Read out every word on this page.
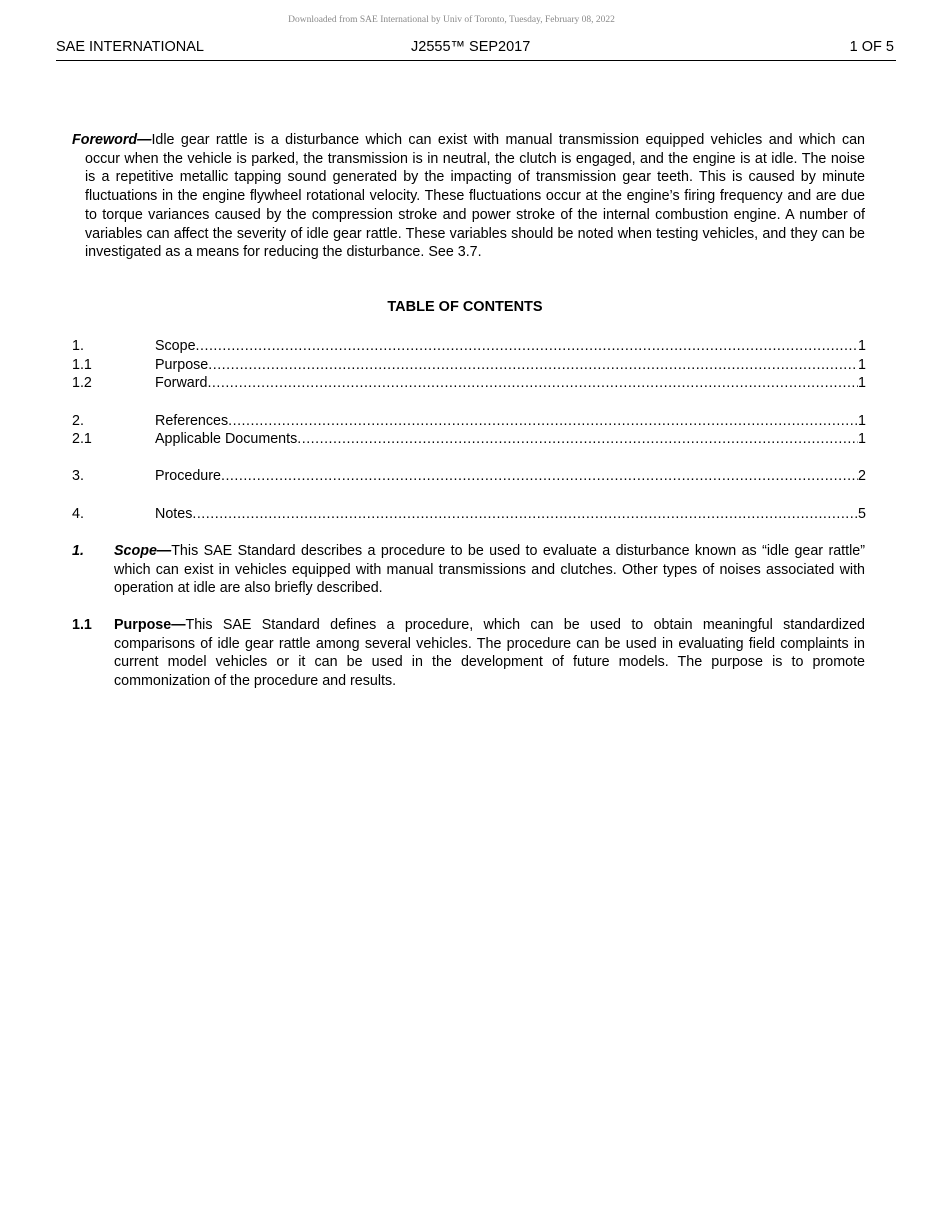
Downloaded from SAE International by Univ of Toronto, Tuesday, February 08, 2022
SAE INTERNATIONAL	J2555™ SEP2017	1 OF 5
Foreword—Idle gear rattle is a disturbance which can exist with manual transmission equipped vehicles and which can occur when the vehicle is parked, the transmission is in neutral, the clutch is engaged, and the engine is at idle. The noise is a repetitive metallic tapping sound generated by the impacting of transmission gear teeth. This is caused by minute fluctuations in the engine flywheel rotational velocity. These fluctuations occur at the engine’s firing frequency and are due to torque variances caused by the compression stroke and power stroke of the internal combustion engine. A number of variables can affect the severity of idle gear rattle. These variables should be noted when testing vehicles, and they can be investigated as a means for reducing the disturbance. See 3.7.
TABLE OF CONTENTS
1.	Scope .....	1
1.1	Purpose .....	1
1.2	Forward .....	1
2.	References .....	1
2.1	Applicable Documents .....	1
3.	Procedure .....	2
4.	Notes .....	5
1. Scope—This SAE Standard describes a procedure to be used to evaluate a disturbance known as “idle gear rattle” which can exist in vehicles equipped with manual transmissions and clutches. Other types of noises associated with operation at idle are also briefly described.
1.1 Purpose—This SAE Standard defines a procedure, which can be used to obtain meaningful standardized comparisons of idle gear rattle among several vehicles. The procedure can be used in evaluating field complaints in current model vehicles or it can be used in the development of future models. The purpose is to promote commonization of the procedure and results.
